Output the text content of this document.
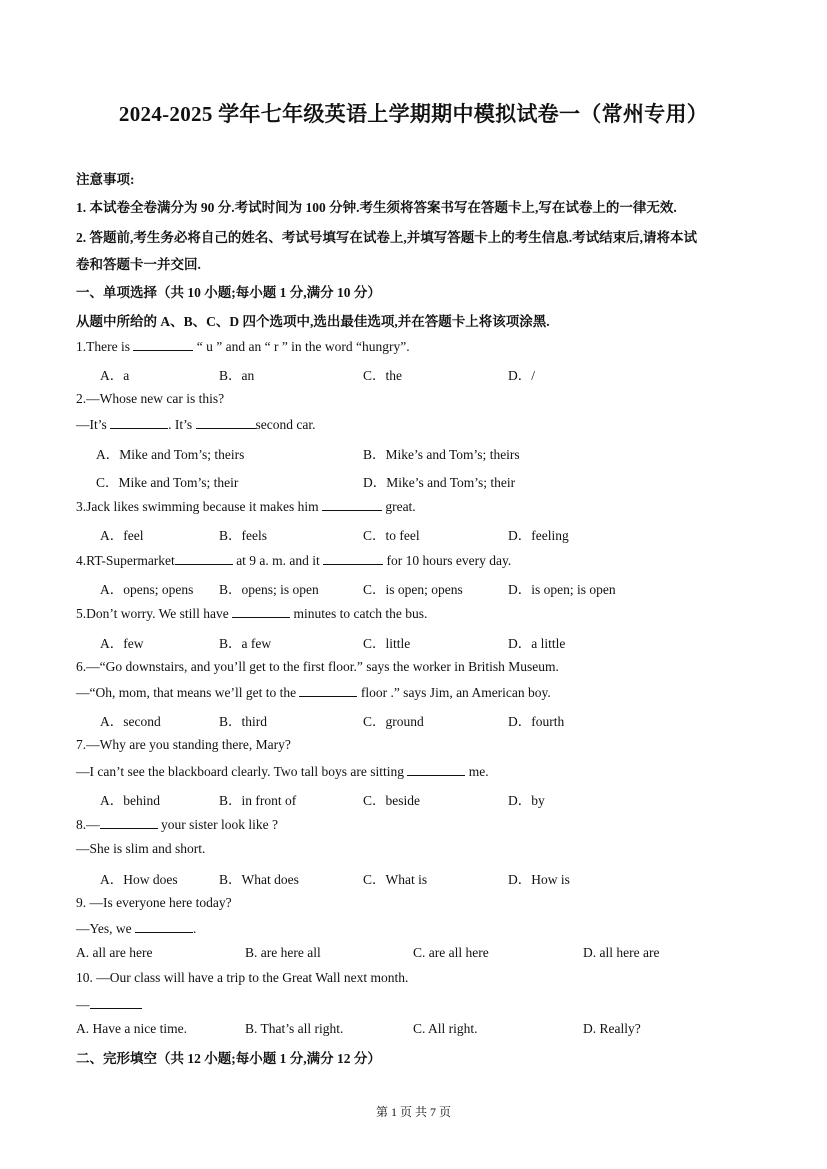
2024-2025 学年七年级英语上学期期中模拟试卷一（常州专用）
注意事项:
1. 本试卷全卷满分为 90 分.考试时间为 100 分钟.考生须将答案书写在答题卡上,写在试卷上的一律无效.
2. 答题前,考生务必将自己的姓名、考试号填写在试卷上,并填写答题卡上的考生信息.考试结束后,请将本试
卷和答题卡一并交回.
一、单项选择（共 10 小题;每小题 1 分,满分 10 分）
从题中所给的 A、B、C、D 四个选项中,选出最佳选项,并在答题卡上将该项涂黑.
1.There is	“ u ” and an “ r ” in the word “hungry”.
A．a	B．an	C．the	D．/
2.—Whose new car is this?
—It’s	. It’s	second car.
A．Mike and Tom’s; theirs	B．Mike’s and Tom’s; theirs
C．Mike and Tom’s; their	D．Mike’s and Tom’s; their
3.Jack likes swimming because it makes him	great.
A．feel	B．feels	C．to feel	D．feeling
4.RT-Supermarket	at 9 a. m. and it	for 10 hours every day.
A．opens; opens B．opens; is open	C．is open; opens	D．is open; is open
5.Don’t worry. We still have	minutes to catch the bus.
A．few	B．a few	C．little	D．a little
6.—“Go downstairs, and you’ll get to the first floor.” says the worker in British Museum.
—“Oh, mom, that means we’ll get to the	floor .” says Jim, an American boy.
A．second	B．third	C．ground	D．fourth
7.—Why are you standing there, Mary?
—I can’t see the blackboard clearly. Two tall boys are sitting	me.
A．behind	B．in front of	C．beside	D．by
8.—	your sister look like ?
—She is slim and short.
A．How does	B．What does	C．What is	D．How is
9. —Is everyone here today?
—Yes, we	.
A. all are here	B. are here all	C. are all here	D. all here are
10. —Our class will have a trip to the Great Wall next month.
—
A. Have a nice time.	B. That’s all right.	C. All right.	D. Really?
二、完形填空（共 12 小题;每小题 1 分,满分 12 分）
第 1 页 共 7 页
